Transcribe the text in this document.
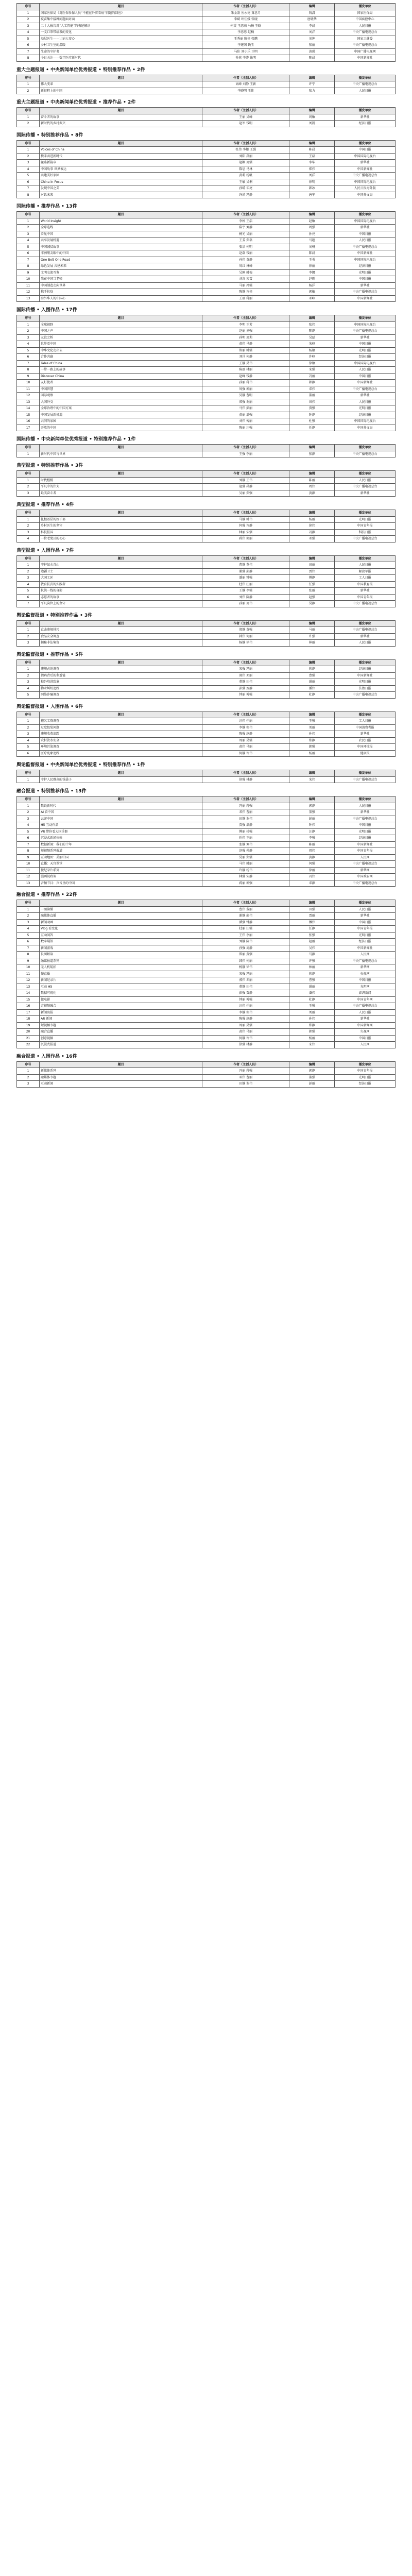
序号	题目	作者（主创人员）	编辑	播发单位
1	国家医保局《对医保参保人员“不能在外省看病”问题的回应》	朱金盈 丛永亮 萧思月	钱潇	国家医保局
2	疫苗集中接种问题面对面	李斌 叶佳媛 张晓	唐晓华	中国疾控中心
3	二十大报告对“人工智能”的表述解读	何雯 王思萌 马畅 王晗	李晨	人民日报
4	一支口罩带给我的变化	李思思 赵楠	刘洋	中央广播电视总台
5	基层医生——让病人安心	王秀丽 陈亮 张鹏	刘坤	国家卫健委
6	乡村卫生室的温暖	李建国 钱玉	张丽	中央广播电视总台
7	生命的守护者	马佳 刘小乐 王明	黄瑛	中国广播电视网
8	今日关注——数字医疗新时代	孙燕 李涛 徐明	陈晨	中国新闻社
重大主题报道 • 中央新闻单位优秀报道 • 特别推荐作品 • 2件
序号	题目	作者（主创人员）	编辑	播发单位
1	伟大变革	高峰 刘静 王新	许宁	中央广播电视总台
2	新征程上的中国	李晓明 王佳	张力	人民日报
重大主题报道 • 中央新闻单位优秀报道 • 推荐作品 • 2件
序号	题目	作者（主创人员）	编辑	播发单位
1	奋斗者的故事	王丽 吴峰	周敏	新华社
2	新时代的乡村振兴	赵军 钱明	刘凯	经济日报
国际传播 • 特别推荐作品 • 8件
序号	题目	作者（主创人员）	编辑	播发单位
1	Voices of China	张伟 李娜 王强	陈晨	中国日报
2	携手共进新时代	刘阳 孙丽	王磊	中国国际电视台
3	丝路新篇章	赵颖 周强	李华	新华社
4	中国故事 世界表达	陈思 马林	郑伟	中国新闻社
5	共建美好家园	黄莉 杨帆	刘洋	中央广播电视总台
6	China in Focus	王敏 吴桐	徐明	中国国际电视台
7	发现中国之美	孙晴 朱亮	韩冰	人民日报海外版
8	对话未来	许诺 冯静	唐宁	中国外文局
国际传播 • 推荐作品 • 13件
序号	题目	作者（主创人员）	编辑	播发单位
1	World Insight	李婷 王浩	赵敏	中国国际电视台
2	全球连线	陈宇 刘静	周强	新华社
3	看见中国	杨光 吴丽	孙亮	中国日报
4	共享发展机遇	王芳 郑磊	马超	人民日报
5	中国减贫故事	张洁 何明	刘畅	中央广播电视总台
6	非洲朋友眼中的中国	赵磊 钱丽	陈晨	中国新闻社
7	One Belt One Road	孙伟 黄静	王勇	中国国际电视台
8	绿色发展 共建未来	周红 林峰	徐丽	经济日报
9	文明交流互鉴	吴刚 韩梅	李娜	光明日报
10	我在中国当老师	刘涛 宋雪	赵刚	中国日报
11	中国制造走向世界	马丽 冯强	杨洋	新华社
12	携手抗疫	陈静 许亮	郭敏	中央广播电视总台
13	海外华人的中国心	王磊 蒋丽	邓峰	中国新闻社
国际传播 • 入围作品 • 17件
序号	题目	作者（主创人员）	编辑	播发单位
1	全球视野	李明 王芳	张伟	中国国际电视台
2	中国之声	赵丽 刘强	陈静	中央广播电视总台
3	友谊之桥	孙明 周莉	吴磊	新华社
4	世界看中国	黄伟 马静	朱峰	中国日报
5	中华文化走出去	郑丽 韩强	杨敏	光明日报
6	合作共赢	刘洋 何静	许峰	经济日报
7	Tales of China	王静 吴伟	徐敏	中国国际电视台
8	一带一路上的故事	陈磊 林丽	宋强	人民日报
9	Discover China	赵峰 钱静	冯丽	中国日报
10	友好使者	孙丽 蒋伟	韩静	中国新闻社
11	中国智慧	周强 郭丽	邓伟	中央广播电视总台
12	国际观察	吴静 曹明	董丽	新华社
13	大国外交	郑强 谢丽	田伟	人民日报
14	全球治理中的中国方案	马伟 彭丽	贾强	光明日报
15	中国发展新机遇	黄丽 潘强	钟静	经济日报
16	共同的家园	刘伟 傅丽	杜强	中国国际电视台
17	开放的中国	陈丽 汪强	任静	中国外文局
国际传播 • 中央新闻单位优秀报道 • 特别推荐作品 • 1件
序号	题目	作者（主创人员）	编辑	播发单位
1	新时代中国与世界	王强 李丽	张静	中央广播电视总台
典型报道 • 特别推荐作品 • 3件
序号	题目	作者（主创人员）	编辑	播发单位
1	时代楷模	刘静 王伟	陈丽	人民日报
2	平凡中的伟大	赵强 孙静	周伟	中央广播电视总台
3	最美奋斗者	吴丽 郑强	黄静	新华社
典型报道 • 推荐作品 • 4件
序号	题目	作者（主创人员）	编辑	播发单位
1	扎根基层的好干部	马静 韩伟	杨丽	光明日报
2	乡村医生的坚守	何强 许静	徐伟	中国青年报
3	科技报国	林丽 宋强	冯静	科技日报
4	一位老党员的初心	蒋伟 郭丽	邓强	中央广播电视总台
典型报道 • 入围作品 • 7件
序号	题目	作者（主创人员）	编辑	播发单位
1	守护绿水青山	曹静 董伟	田丽	人民日报
2	边疆卫士	谢强 彭静	贾伟	解放军报
3	大国工匠	潘丽 钟强	傅静	工人日报
4	教育扶贫的实践者	杜伟 汪丽	任强	中国教育报
5	抗洪一线的身影	王静 李强	张丽	新华社
6	志愿者的故事	刘伟 陈静	赵强	中国青年报
7	平凡岗位上的坚守	孙丽 周伟	吴静	中央广播电视总台
舆论监督报道 • 特别推荐作品 • 3件
序号	题目	作者（主创人员）	编辑	播发单位
1	直击违规排污	郑静 黄强	马丽	中央广播电视总台
2	食品安全调查	韩伟 何丽	许强	新华社
3	揭秘非法集资	杨静 徐伟	林丽	人民日报
舆论监督报道 • 推荐作品 • 5件
序号	题目	作者（主创人员）	编辑	播发单位
1	违规占地调查	宋强 冯丽	蒋静	经济日报
2	假药背后的利益链	郭伟 邓丽	曹强	中国新闻社
3	校外培训乱象	董静 田伟	谢丽	光明日报
4	物业纠纷追踪	彭强 贾静	潘伟	法治日报
5	网络诈骗调查	钟丽 傅强	杜静	中央广播电视总台
舆论监督报道 • 入围作品 • 6件
序号	题目	作者（主创人员）	编辑	播发单位
1	拖欠工资调查	汪伟 任丽	王强	工人日报
2	过度包装问题	李静 张伟	刘丽	中国消费者报
3	违规收费追踪	陈强 赵静	孙伟	新华社
4	农村饮水安全	周丽 吴强	郑静	农民日报
5	环境污染调查	黄伟 马丽	韩强	中国环境报
6	医疗乱象追踪	何静 许伟	杨丽	健康报
舆论监督报道 • 中央新闻单位优秀报道 • 特别推荐作品 • 1件
序号	题目	作者（主创人员）	编辑	播发单位
1	守护人民群众的钱袋子	徐强 林静	宋伟	中央广播电视总台
融合报道 • 特别推荐作品 • 13件
序号	题目	作者（主创人员）	编辑	播发单位
1	数说新时代	冯丽 蒋强	郭静	人民日报
2	AI 看中国	邓伟 曹丽	董强	新华社
3	云游中国	田静 谢伟	彭丽	中央广播电视总台
4	H5 互动作品	贾强 潘静	钟伟	中国日报
5	VR 带你看大国重器	傅丽 杜强	汪静	光明日报
6	沉浸式新闻体验	任伟 王丽	李强	经济日报
7	数据新闻：我们的十年	张静 刘伟	陈丽	中国新闻社
8	短视频系列报道	赵强 孙静	周伟	中国青年报
9	互动地图：美丽中国	吴丽 郑强	黄静	人民网
10	直播：天宫课堂	马伟 韩丽	何强	中央广播电视总台
11	微纪录片系列	许静 杨伟	徐丽	新华网
12	漫画说政策	林强 宋静	冯伟	中国政府网
13	音频节目：声音里的中国	蒋丽 郭强	邓静	中央广播电视总台
融合报道 • 推荐作品 • 22件
序号	题目	作者（主创人员）	编辑	播发单位
1	一图读懂	曹伟 董丽	田强	人民日报
2	融媒体直播	谢静 彭伟	贾丽	新华社
3	新闻动画	潘强 钟静	傅伟	中国日报
4	Vlog 看变化	杜丽 汪强	任静	中国青年报
5	互动问答	王伟 李丽	张强	光明日报
6	数字展馆	刘静 陈伟	赵丽	经济日报
7	新闻游戏	孙强 周静	吴伟	中国新闻社
8	长图解读	郑丽 黄强	马静	人民网
9	融媒报道系列	韩伟 何丽	许强	中央广播电视总台
10	无人机航拍	杨静 徐伟	林丽	新华网
11	慢直播	宋强 冯丽	蒋静	央视网
12	新闻纪录片	郭伟 邓丽	曹强	中国日报
13	互动 H5	董静 田伟	谢丽	光明网
14	数据可视化	彭强 贾静	潘伟	澎湃新闻
15	微电影	钟丽 傅强	杜静	中国青年网
16	音视频融合	汪伟 任丽	王强	中央广播电视总台
17	新闻海报	李静 张伟	刘丽	人民日报
18	AR 新闻	陈强 赵静	孙伟	新华社
19	短视频专题	周丽 吴强	郑静	中国新闻网
20	融合直播	黄伟 马丽	韩强	央视网
21	创意视频	何静 许伟	杨丽	中国日报
22	沉浸式报道	徐强 林静	宋伟	人民网
融合报道 • 入围作品 • 16件
序号	题目	作者（主创人员）	编辑	播发单位
1	新媒体系列	冯丽 蒋强	郭静	中国青年报
2	融媒体专题	邓伟 曹丽	董强	光明日报
3	互动新闻	田静 谢伟	彭丽	经济日报
